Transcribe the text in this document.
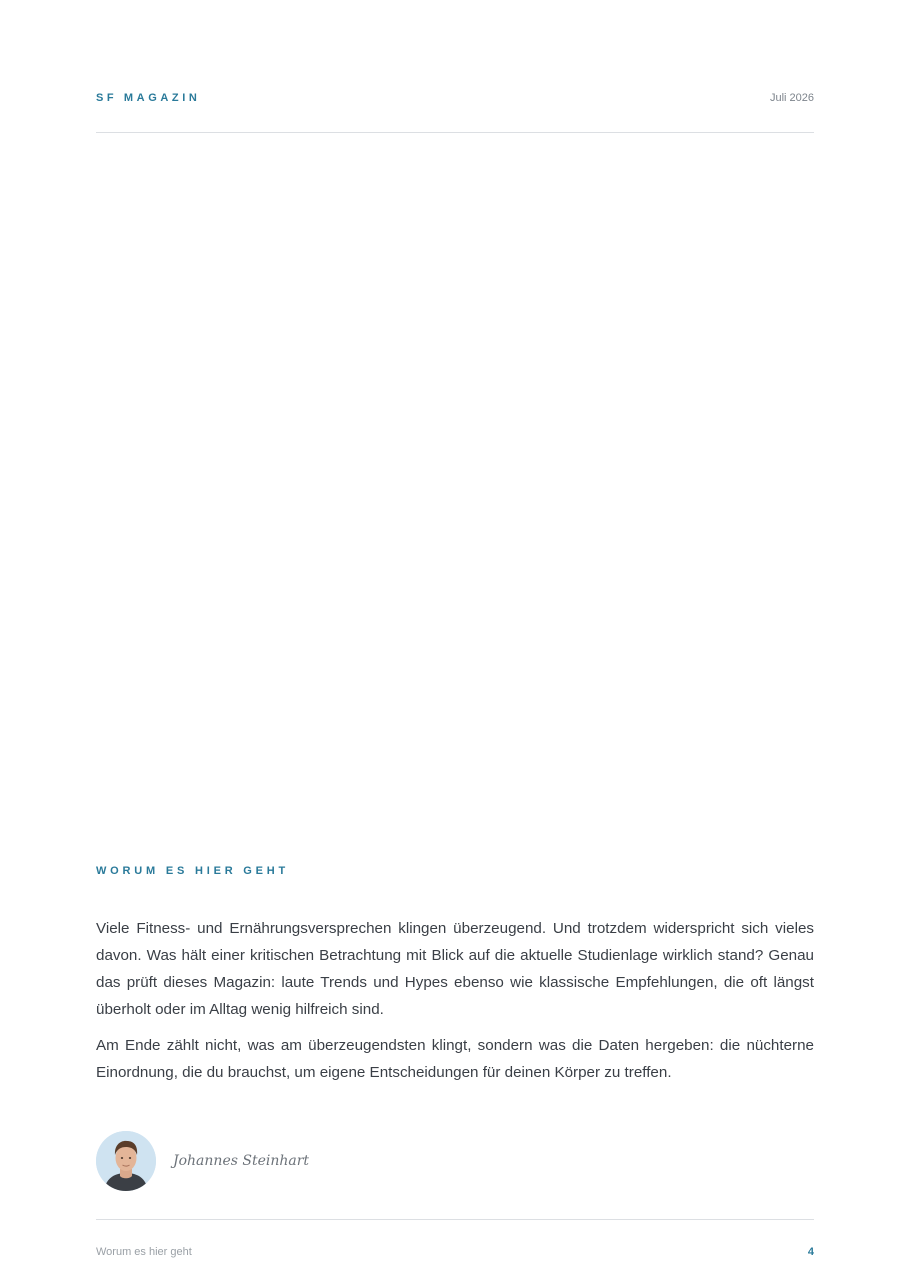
SF MAGAZIN	Juli 2026
WORUM ES HIER GEHT

Viele Fitness- und Ernährungsversprechen klingen überzeugend. Und trotzdem widerspricht sich vieles davon. Was hält einer kritischen Betrachtung mit Blick auf die aktuelle Studienlage wirklich stand? Genau das prüft dieses Magazin: laute Trends und Hypes ebenso wie klassische Empfehlungen, die oft längst überholt oder im Alltag wenig hilfreich sind.

Am Ende zählt nicht, was am überzeugendsten klingt, sondern was die Daten hergeben: die nüchterne Einordnung, die du brauchst, um eigene Entscheidungen für deinen Körper zu treffen.

Johannes Steinhart
Worum es hier geht	4
